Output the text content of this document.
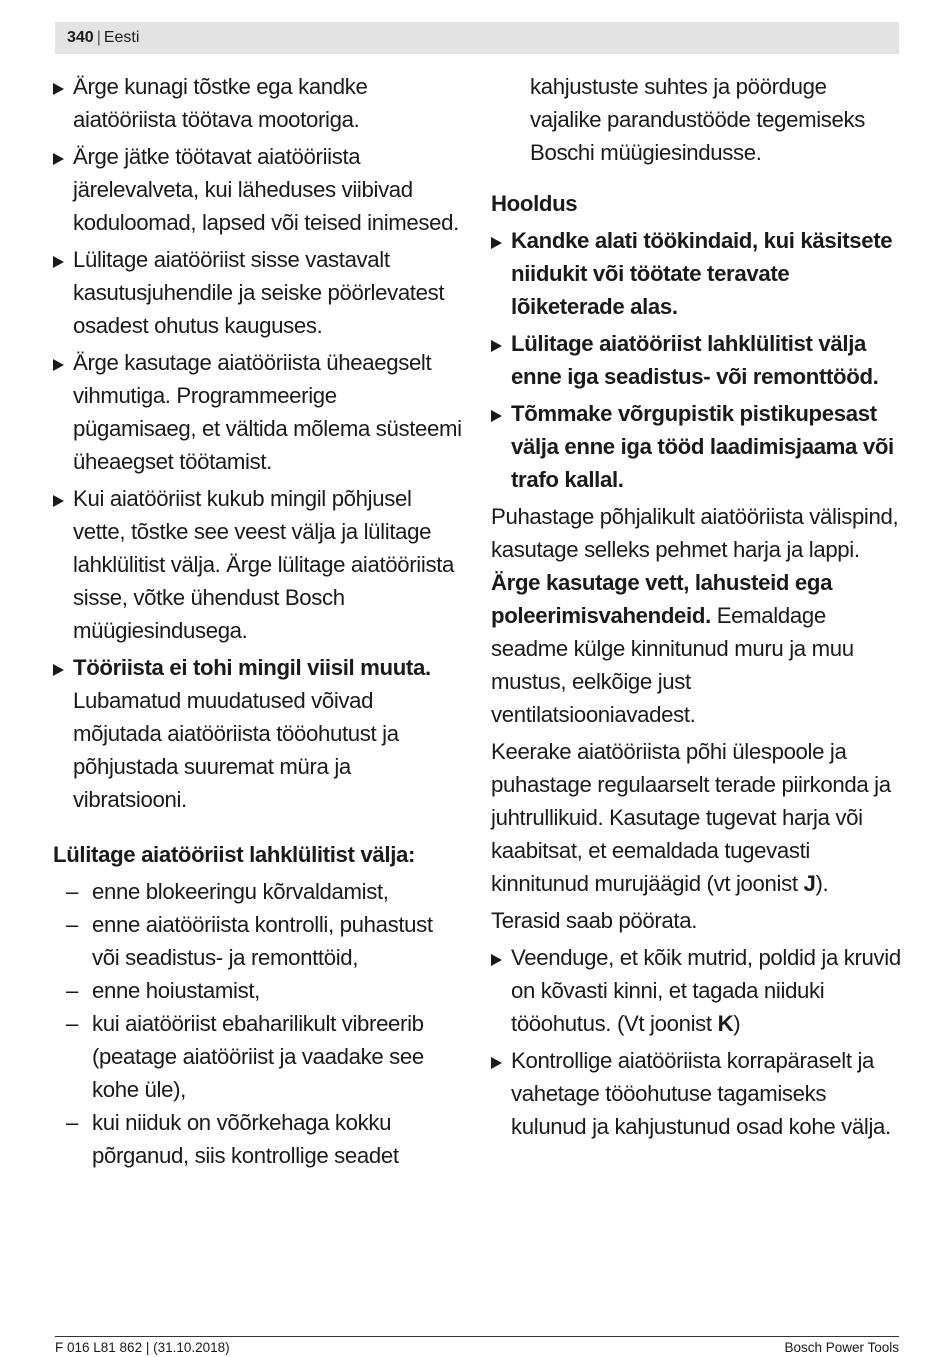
340 | Eesti
Ärge kunagi tõstke ega kandke aiatööriista töötava mootoriga.
Ärge jätke töötavat aiatööriista järelevalveta, kui läheduses viibivad koduloomad, lapsed või teised inimesed.
Lülitage aiatööriist sisse vastavalt kasutusjuhendile ja seiske pöörlevatest osadest ohutus kauguses.
Ärge kasutage aiatööriista üheaegselt vihmutiga. Programmeerige pügamisaeg, et vältida mõlema süsteemi üheaegset töötamist.
Kui aiatööriist kukub mingil põhjusel vette, tõstke see veest välja ja lülitage lahklülitist välja. Ärge lülitage aiatööriista sisse, võtke ühendust Bosch müügiesindusega.
Tööriista ei tohi mingil viisil muuta. Lubamatud muudatused võivad mõjutada aiatööriista tööohutust ja põhjustada suuremat müra ja vibratsiooni.
Lülitage aiatööriist lahklülitist välja:
– enne blokeeringu kõrvaldamist,
– enne aiatööriista kontrolli, puhastust või seadistus- ja remonttöid,
– enne hoiustamist,
– kui aiatööriist ebaharilikult vibreerib (peatage aiatööriist ja vaadake see kohe üle),
– kui niiduk on võõrkehaga kokku põrganud, siis kontrollige seadet
kahjustuste suhtes ja pöörduge vajalike parandustööde tegemiseks Boschi müügiesindusse.
Hooldus
Kandke alati töökindaid, kui käsitsete niidukit või töötate teravate lõiketerade alas.
Lülitage aiatööriist lahklülitist välja enne iga seadistus- või remonttööd.
Tõmmake võrgupistik pistikupesast välja enne iga tööd laadimisjaama või trafo kallal.
Puhastage põhjalikult aiatööriista välispind, kasutage selleks pehmet harja ja lappi. Ärge kasutage vett, lahusteid ega poleerimisvahendeid. Eemaldage seadme külge kinnitunud muru ja muu mustus, eelkõige just ventilatsiooniavadest.
Keerake aiatööriista põhi ülespoole ja puhastage regulaarselt terade piirkonda ja juhtrullikuid. Kasutage tugevat harja või kaabitsat, et eemaldada tugevasti kinnitunud murujäägid (vt joonist J).
Terasid saab pöörata.
Veenduge, et kõik mutrid, poldid ja kruvid on kõvasti kinni, et tagada niiduki tööohutus. (Vt joonist K)
Kontrollige aiatööriista korrapäraselt ja vahetage tööohutuse tagamiseks kulunud ja kahjustunud osad kohe välja.
F 016 L81 862 | (31.10.2018)	Bosch Power Tools
